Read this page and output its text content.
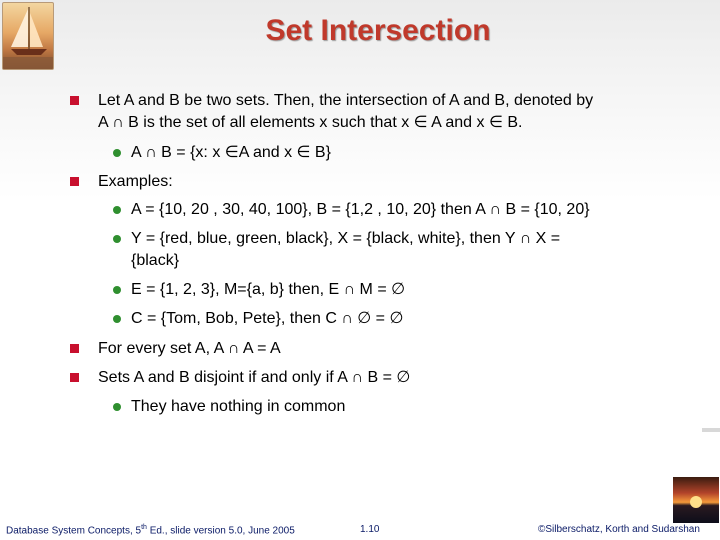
Set Intersection
Let A and B be two sets. Then, the intersection of A and B, denoted by
A ∩ B is the set of all elements x such that x ∈ A and x ∈ B.
A ∩ B = {x: x ∈A and x ∈ B}
Examples:
A = {10, 20 , 30, 40, 100}, B = {1,2 , 10, 20} then A ∩ B = {10, 20}
Y = {red, blue, green, black}, X = {black, white}, then Y ∩ X =
{black}
E = {1, 2, 3}, M={a, b} then, E ∩ M = ∅
C = {Tom, Bob, Pete}, then C ∩ ∅ = ∅
For every set A, A ∩ A = A
Sets A and B disjoint if and only if A ∩ B = ∅
They have nothing in common
Database System Concepts, 5th Ed., slide version 5.0, June 2005	1.10	©Silberschatz, Korth and Sudarshan
